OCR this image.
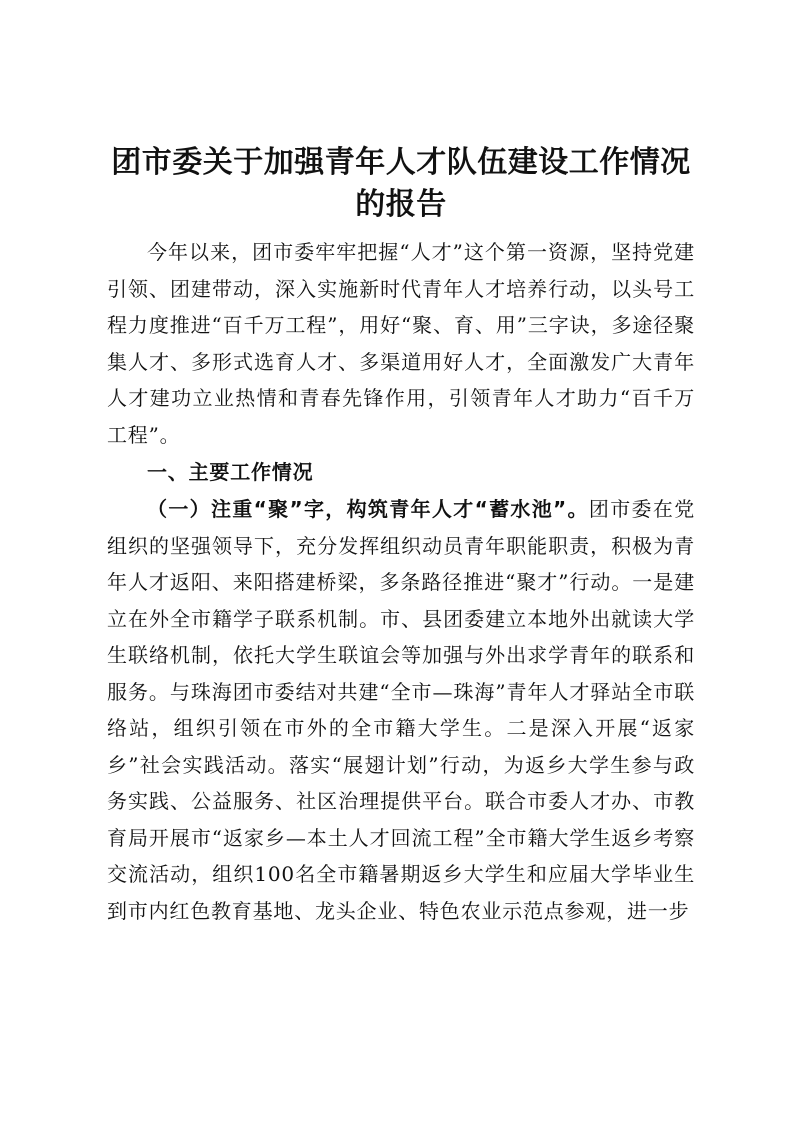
团市委关于加强青年人才队伍建设工作情况的报告

今年以来，团市委牢牢把握“人才”这个第一资源，坚持党建引领、团建带动，深入实施新时代青年人才培养行动，以头号工程力度推进“百千万工程”，用好“聚、育、用”三字诀，多途径聚集人才、多形式选育人才、多渠道用好人才，全面激发广大青年人才建功立业热情和青春先锋作用，引领青年人才助力“百千万工程”。

一、主要工作情况

（一）注重“聚”字，构筑青年人才“蓄水池”。团市委在党组织的坚强领导下，充分发挥组织动员青年职能职责，积极为青年人才返阳、来阳搭建桥梁，多条路径推进“聚才”行动。一是建立在外全市籍学子联系机制。市、县团委建立本地外出就读大学生联络机制，依托大学生联谊会等加强与外出求学青年的联系和服务。与珠海团市委结对共建“全市—珠海”青年人才驿站全市联络站，组织引领在市外的全市籍大学生。二是深入开展“返家乡”社会实践活动。落实“展翅计划”行动，为返乡大学生参与政务实践、公益服务、社区治理提供平台。联合市委人才办、市教育局开展市“返家乡—本土人才回流工程”全市籍大学生返乡考察交流活动，组织100名全市籍暑期返乡大学生和应届大学毕业生到市内红色教育基地、龙头企业、特色农业示范点参观，进一步
